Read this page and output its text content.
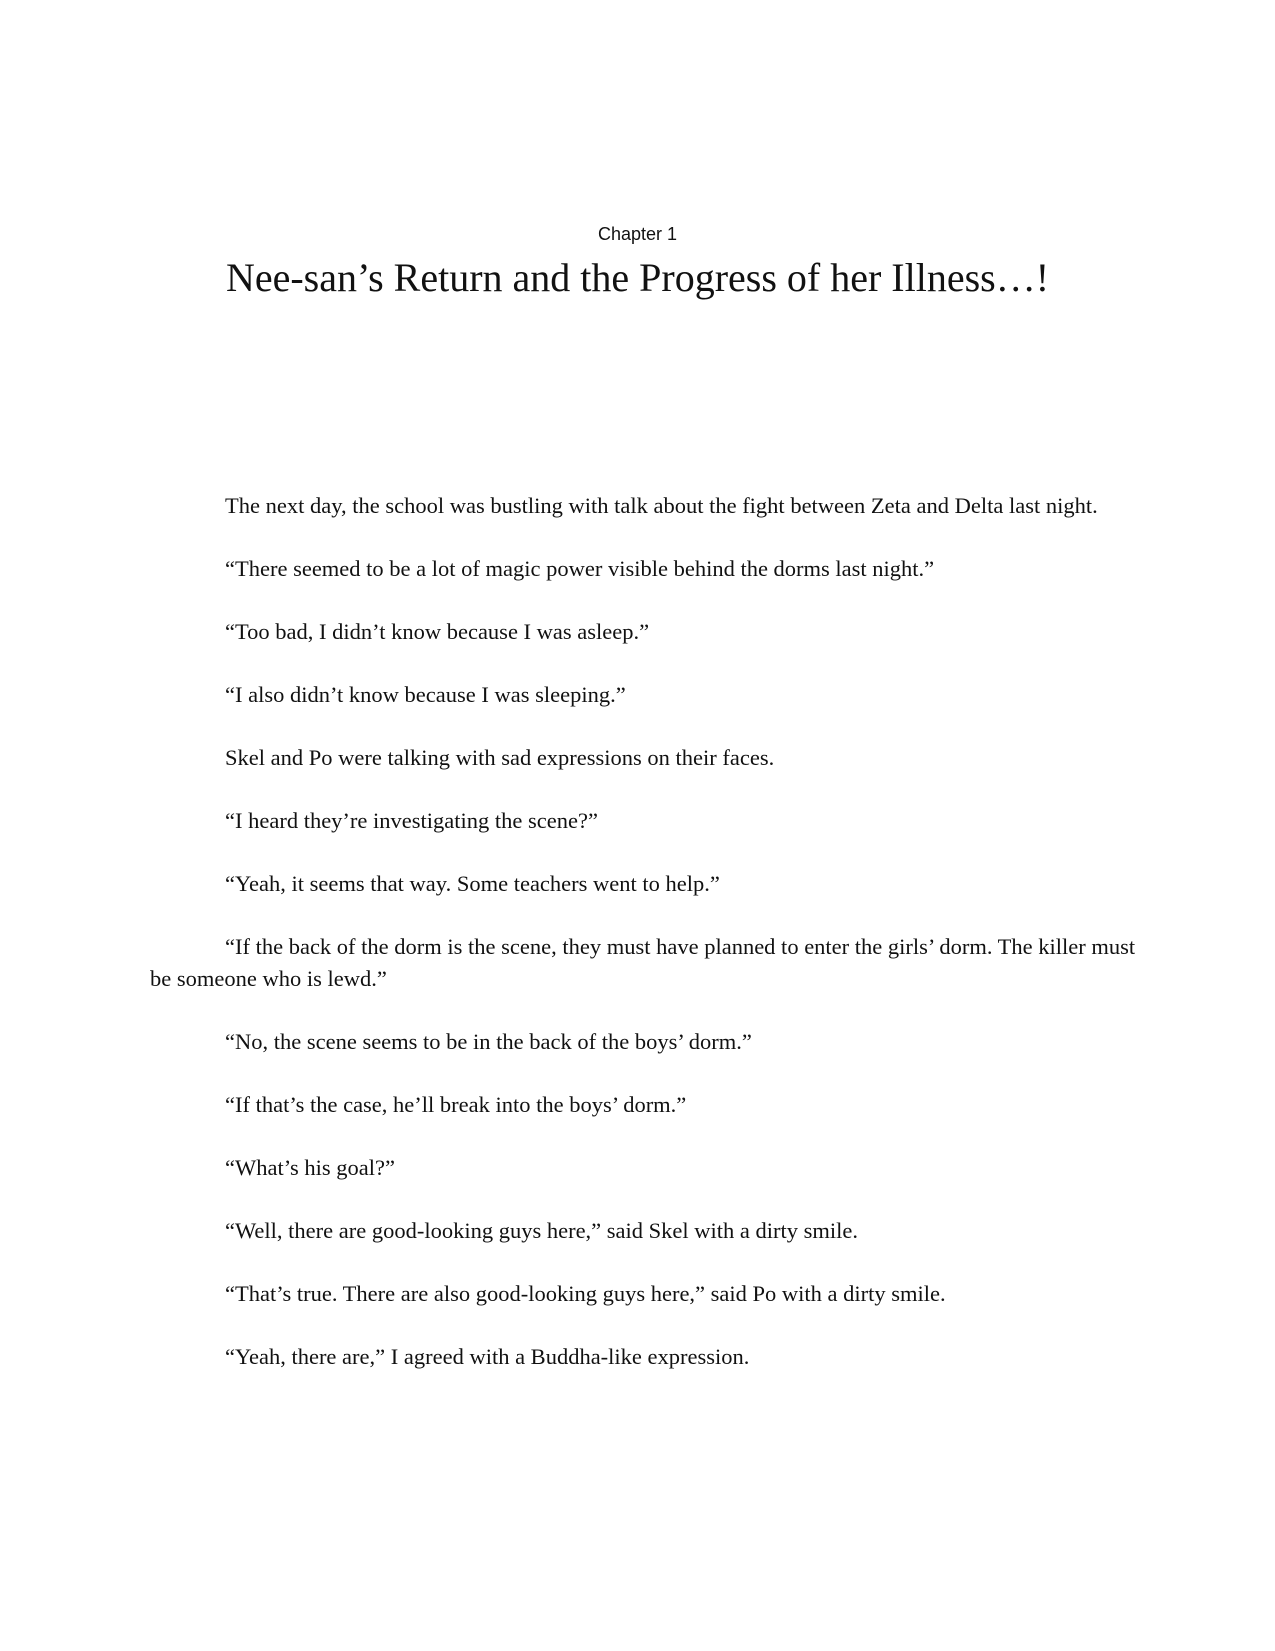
Chapter 1
Nee-san’s Return and the Progress of her Illness…!

The next day, the school was bustling with talk about the fight between Zeta and Delta last night.

“There seemed to be a lot of magic power visible behind the dorms last night.”

“Too bad, I didn’t know because I was asleep.”

“I also didn’t know because I was sleeping.”

Skel and Po were talking with sad expressions on their faces.

“I heard they’re investigating the scene?”

“Yeah, it seems that way. Some teachers went to help.”

“If the back of the dorm is the scene, they must have planned to enter the girls’ dorm. The killer must be someone who is lewd.”

“No, the scene seems to be in the back of the boys’ dorm.”

“If that’s the case, he’ll break into the boys’ dorm.”

“What’s his goal?”

“Well, there are good-looking guys here,” said Skel with a dirty smile.

“That’s true. There are also good-looking guys here,” said Po with a dirty smile.

“Yeah, there are,” I agreed with a Buddha-like expression.
